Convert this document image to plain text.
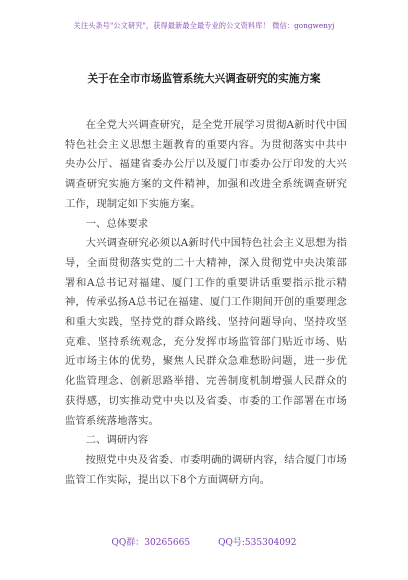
关注头条号"公文研究"，获得最新最全最专业的公文资料库！ 微信：gongwenyj
关于在全市市场监管系统大兴调查研究的实施方案

在全党大兴调查研究，是全党开展学习贯彻A新时代中国特色社会主义思想主题教育的重要内容。为贯彻落实中共中央办公厅、福建省委办公厅以及厦门市委办公厅印发的大兴调查研究实施方案的文件精神，加强和改进全系统调查研究工作，现制定如下实施方案。

一、总体要求

大兴调查研究必须以A新时代中国特色社会主义思想为指导，全面贯彻落实党的二十大精神，深入贯彻党中央决策部署和A总书记对福建、厦门工作的重要讲话重要指示批示精神，传承弘扬A总书记在福建、厦门工作期间开创的重要理念和重大实践，坚持党的群众路线、坚持问题导向、坚持攻坚克难、坚持系统观念，充分发挥市场监管部门贴近市场、贴近市场主体的优势，聚焦人民群众急难愁盼问题，进一步优化监管理念、创新思路举措、完善制度机制增强人民群众的获得感，切实推动党中央以及省委、市委的工作部署在市场监管系统落地落实。

二、调研内容

按照党中央及省委、市委明确的调研内容，结合厦门市场监管工作实际，提出以下8个方面调研方向。

QQ群：30265665	QQ号:535304092
